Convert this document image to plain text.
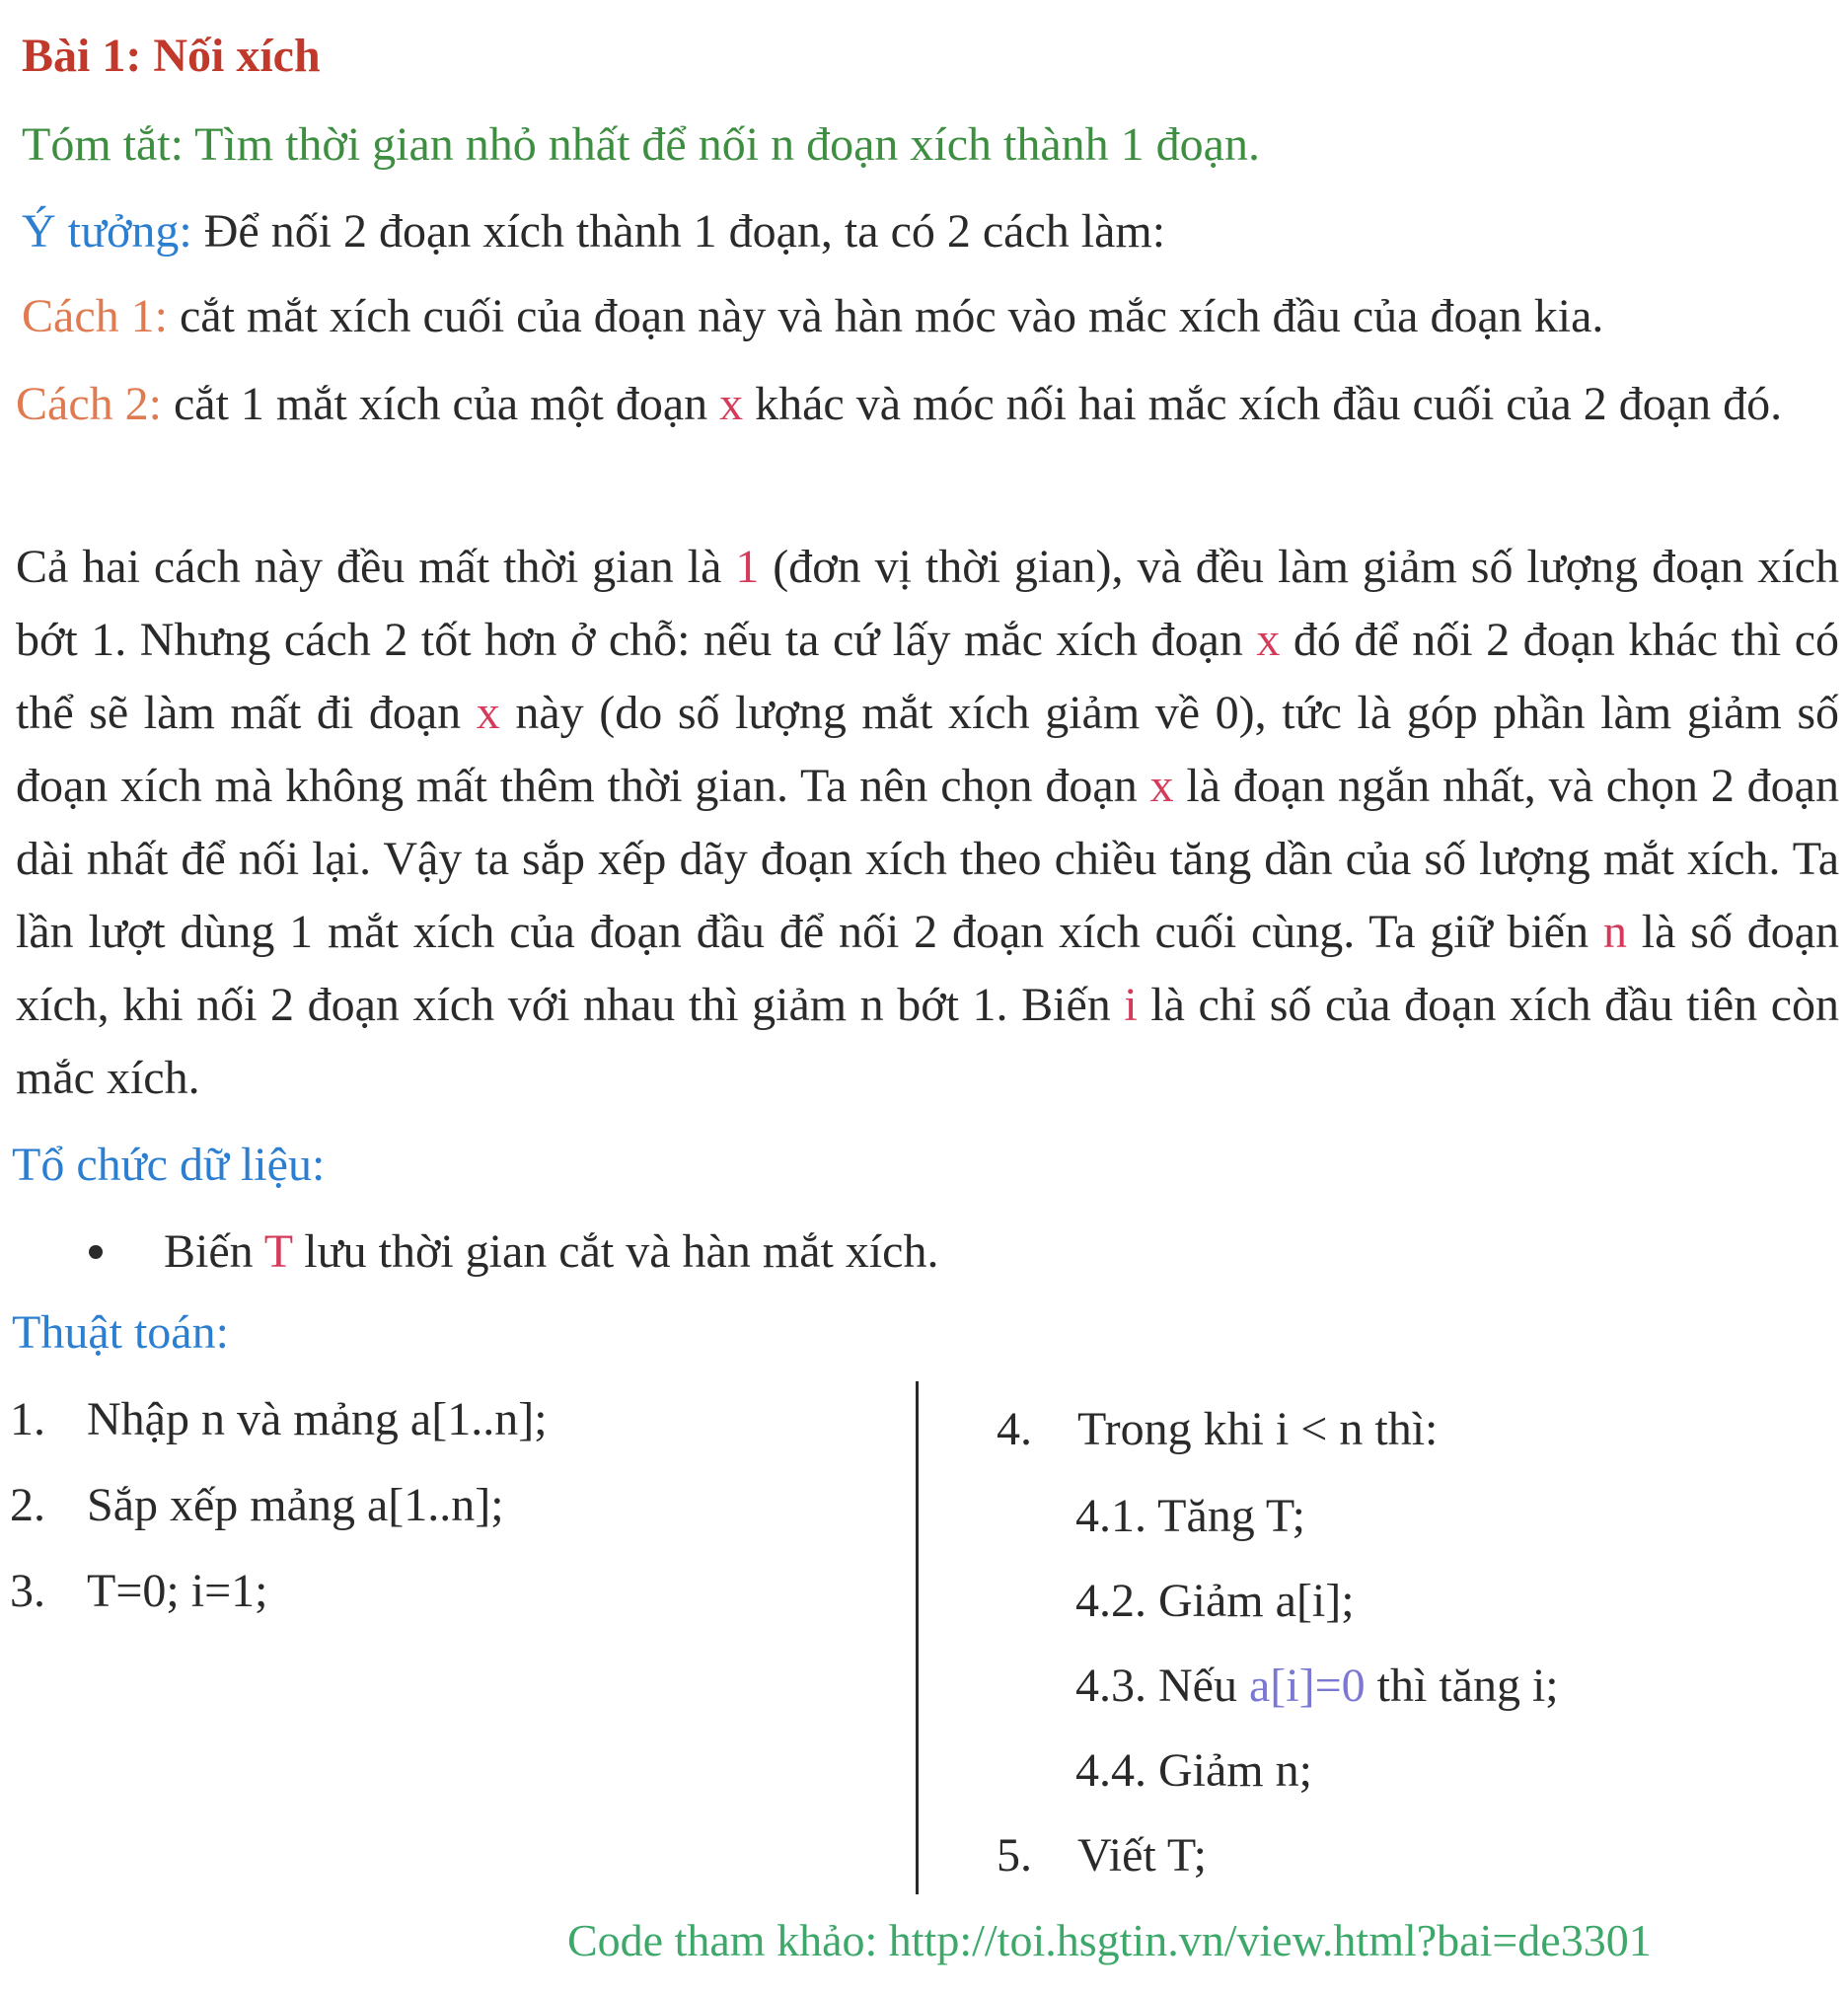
Bài 1: Nối xích
Tóm tắt: Tìm thời gian nhỏ nhất để nối n đoạn xích thành 1 đoạn.
Ý tưởng: Để nối 2 đoạn xích thành 1 đoạn, ta có 2 cách làm:
Cách 1: cắt mắt xích cuối của đoạn này và hàn móc vào mắc xích đầu của đoạn kia.
Cách 2: cắt 1 mắt xích của một đoạn x khác và móc nối hai mắc xích đầu cuối của 2 đoạn đó.
Cả hai cách này đều mất thời gian là 1 (đơn vị thời gian), và đều làm giảm số lượng đoạn xích bớt 1. Nhưng cách 2 tốt hơn ở chỗ: nếu ta cứ lấy mắc xích đoạn x đó để nối 2 đoạn khác thì có thể sẽ làm mất đi đoạn x này (do số lượng mắt xích giảm về 0), tức là góp phần làm giảm số đoạn xích mà không mất thêm thời gian. Ta nên chọn đoạn x là đoạn ngắn nhất, và chọn 2 đoạn dài nhất để nối lại. Vậy ta sắp xếp dãy đoạn xích theo chiều tăng dần của số lượng mắt xích. Ta lần lượt dùng 1 mắt xích của đoạn đầu để nối 2 đoạn xích cuối cùng. Ta giữ biến n là số đoạn xích, khi nối 2 đoạn xích với nhau thì giảm n bớt 1. Biến i là chỉ số của đoạn xích đầu tiên còn mắc xích.
Tổ chức dữ liệu:
Biến T lưu thời gian cắt và hàn mắt xích.
Thuật toán:
1. Nhập n và mảng a[1..n];
2. Sắp xếp mảng a[1..n];
3. T=0; i=1;
4. Trong khi i < n thì:
4.1. Tăng T;
4.2. Giảm a[i];
4.3. Nếu a[i]=0 thì tăng i;
4.4. Giảm n;
5. Viết T;
Code tham khảo: http://toi.hsgtin.vn/view.html?bai=de3301
